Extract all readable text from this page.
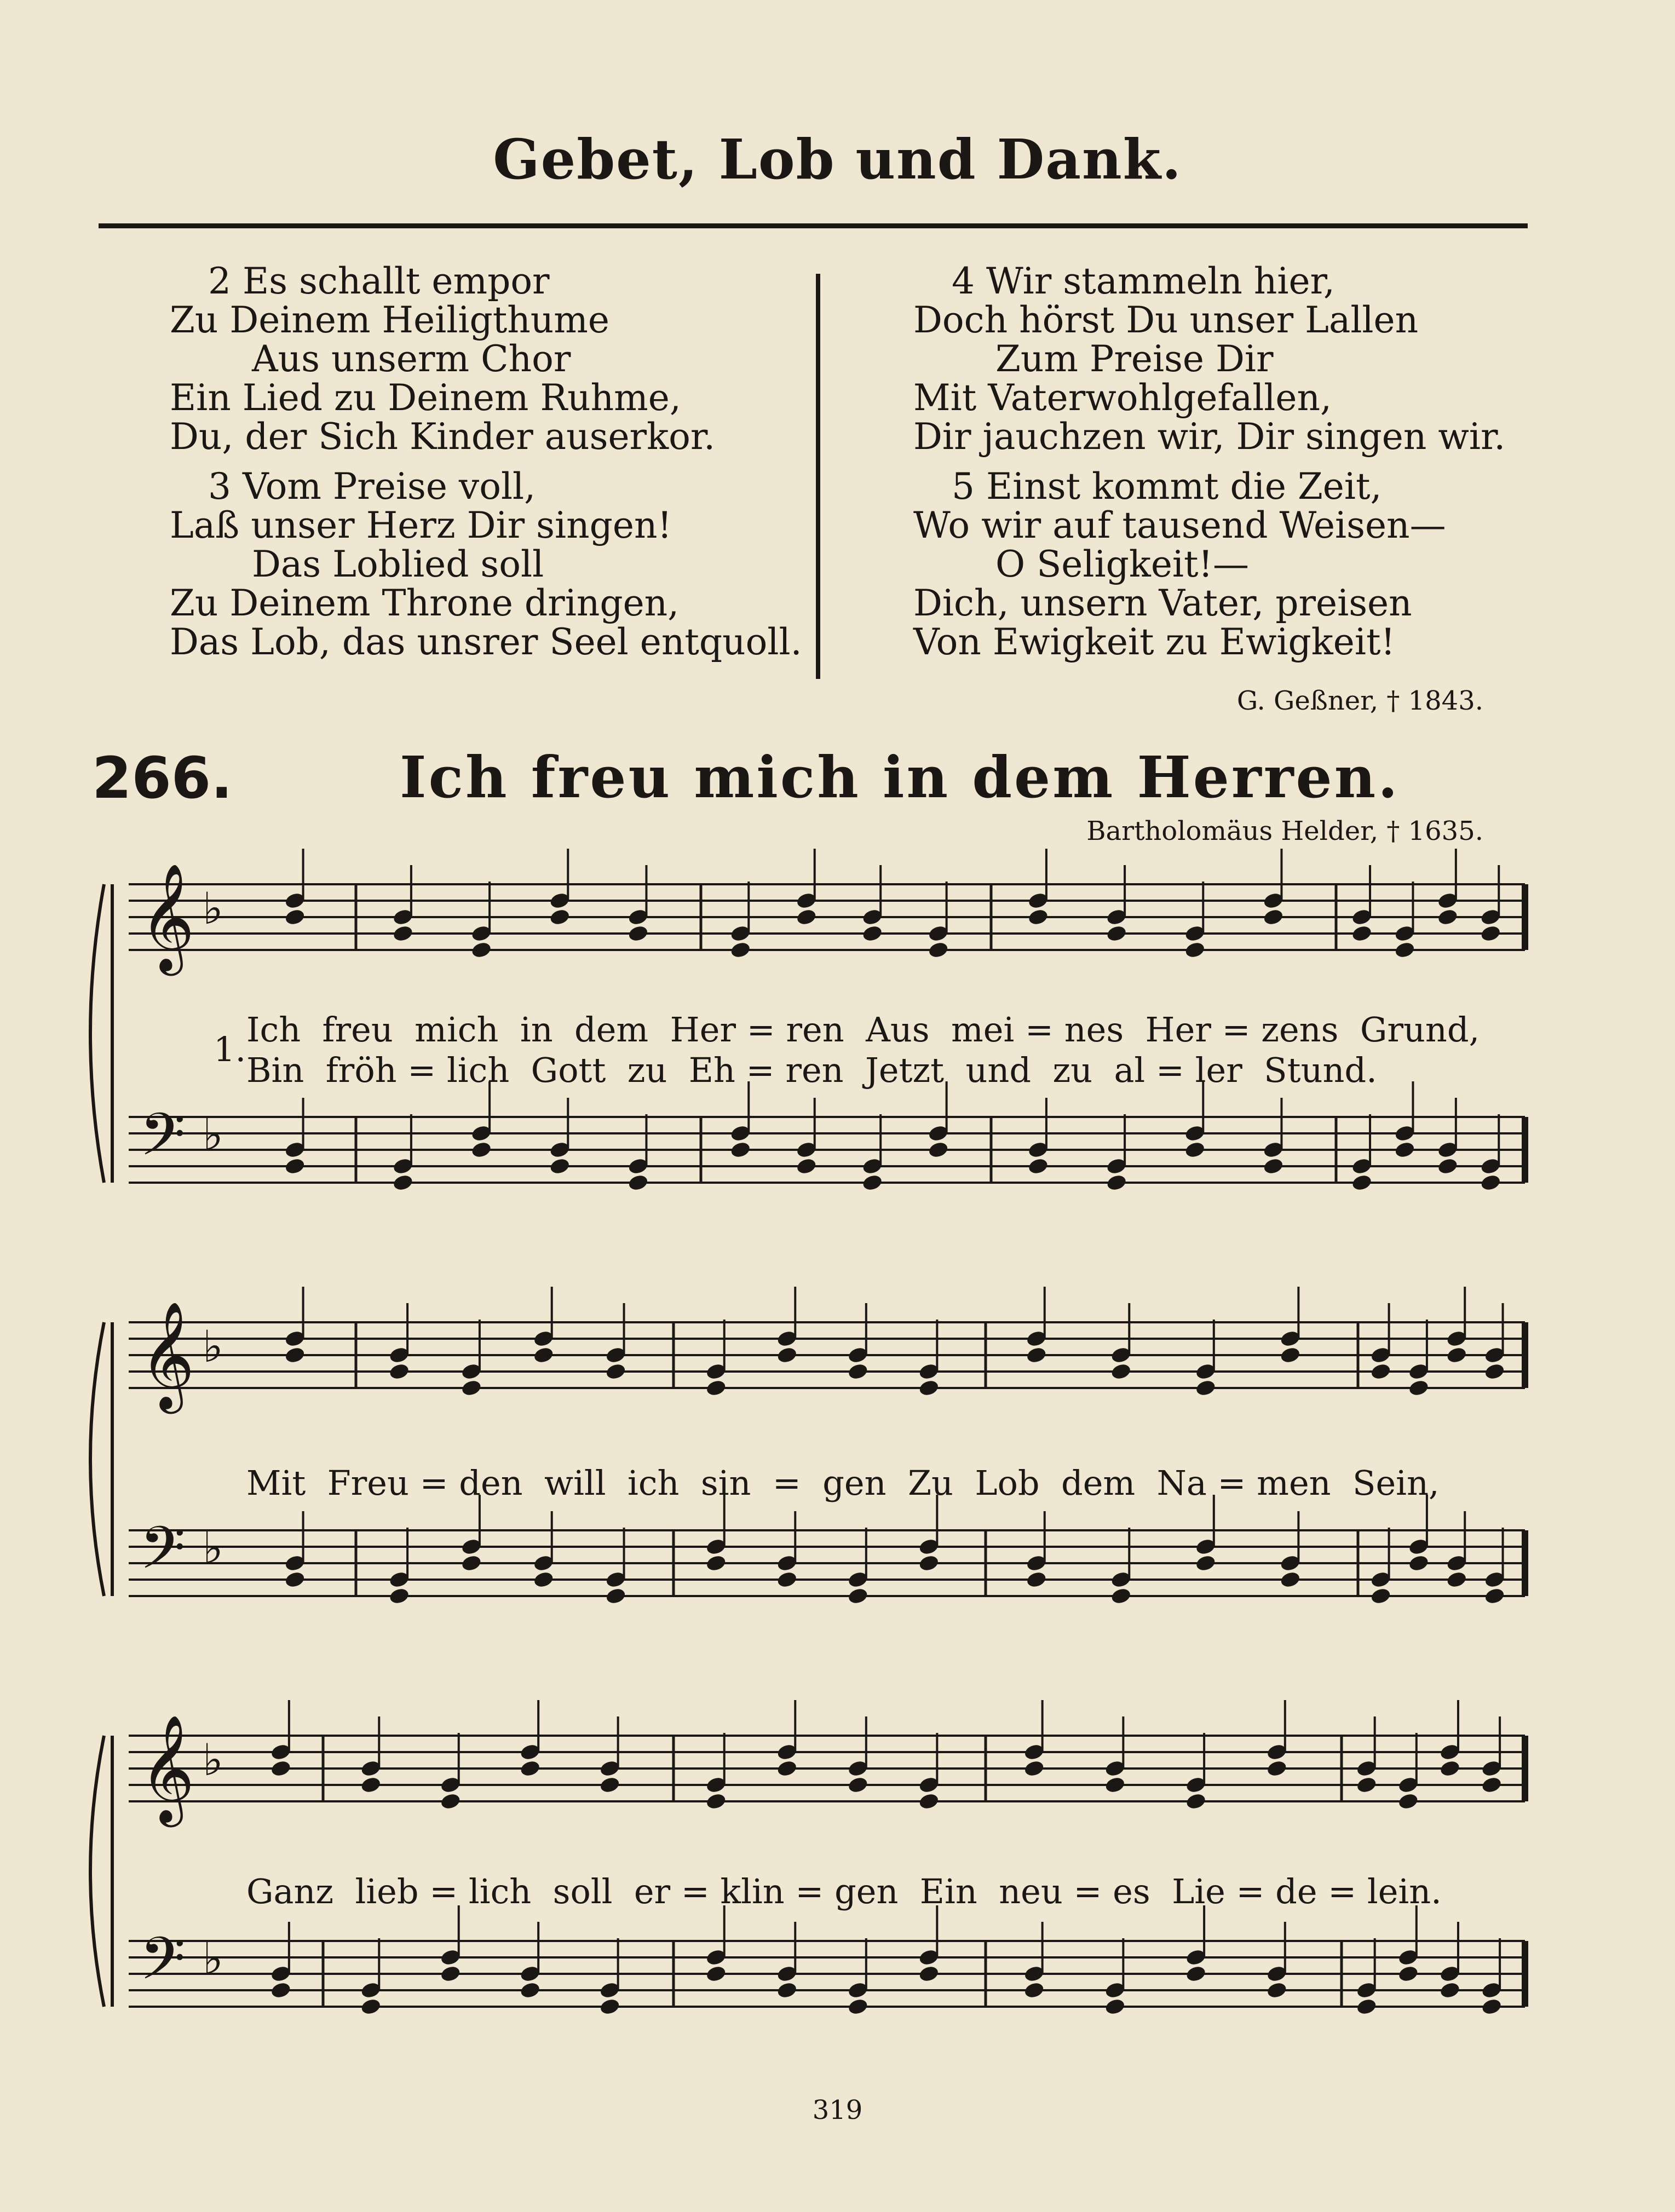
Gebet, Lob und Dank.
2 Es schallt empor
Zu Deinem Heiligthume
Aus unserm Chor
Ein Lied zu Deinem Ruhme,
Du, der Sich Kinder auserkor.
3 Vom Preise voll,
Laß unser Herz Dir singen!
Das Loblied soll
Zu Deinem Throne dringen,
Das Lob, das unsrer Seel entquoll.
4 Wir stammeln hier,
Doch hörst Du unser Lallen
Zum Preise Dir
Mit Vaterwohlgefallen,
Dir jauchzen wir, Dir singen wir.
5 Einst kommt die Zeit,
Wo wir auf tausend Weisen—
O Seligkeit!—
Dich, unsern Vater, preisen
Von Ewigkeit zu Ewigkeit!
G. Geßner, † 1843.
266.	Ich freu mich in dem Herren.
Bartholomäus Helder, † 1635.
𝄞 ♭
𝄢 ♭
𝄞 ♭
𝄢 ♭
𝄞 ♭
𝄢 ♭
1. Ich  freu  mich  in  dem  Her = ren  Aus  mei = nes  Her = zens  Grund,
Bin  fröh = lich  Gott  zu  Eh = ren  Jetzt  und  zu  al = ler  Stund.
Mit  Freu = den  will  ich  sin  =  gen  Zu  Lob  dem  Na = men  Sein,
Ganz  lieb = lich  soll  er = klin = gen  Ein  neu = es  Lie = de = lein.
319
